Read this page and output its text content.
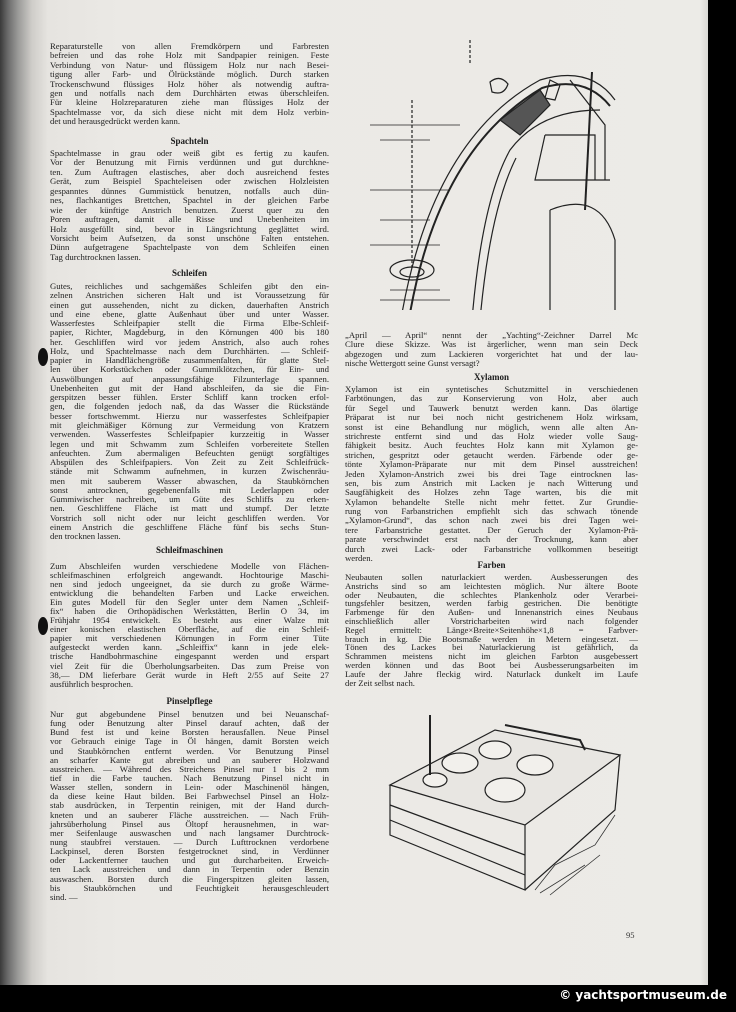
Reparaturstelle von allen Fremdkörpern und Farbresten
befreien und das rohe Holz mit Sandpapier reinigen. Feste
Verbindung von Natur- und flüssigem Holz nur nach Besei-
tigung aller Farb- und Ölrückstände möglich. Durch starken
Trockenschwund flüssiges Holz höher als notwendig auftra-
gen und notfalls nach dem Durchhärten etwas überschleifen.
Für kleine Holzreparaturen ziehe man flüssiges Holz der
Spachtelmasse vor, da sich diese nicht mit dem Holz verbin-
det und herausgedrückt werden kann.
Spachteln
Spachtelmasse in grau oder weiß gibt es fertig zu kaufen.
Vor der Benutzung mit Firnis verdünnen und gut durchkne-
ten. Zum Auftragen elastisches, aber doch ausreichend festes
Gerät, zum Beispiel Spachteleisen oder zwischen Holzleisten
gespanntes dünnes Gummistück benutzen, notfalls auch dün-
nes, flachkantiges Brettchen, Spachtel in der gleichen Farbe
wie der künftige Anstrich benutzen. Zuerst quer zu den
Poren auftragen, damit alle Risse und Unebenheiten im
Holz ausgefüllt sind, bevor in Längsrichtung geglättet wird.
Vorsicht beim Aufsetzen, da sonst unschöne Falten entstehen.
Dünn aufgetragene Spachtelpaste von dem Schleifen einen
Tag durchtrocknen lassen.
Schleifen
Gutes, reichliches und sachgemäßes Schleifen gibt den ein-
zelnen Anstrichen sicheren Halt und ist Voraussetzung für
einen gut aussehenden, nicht zu dicken, dauerhaften Anstrich
und eine ebene, glatte Außenhaut über und unter Wasser.
Wasserfestes Schleifpapier stellt die Firma Elbe-Schleif-
papier, Richter, Magdeburg, in den Körnungen 400 bis 180
her. Geschliffen wird vor jedem Anstrich, also auch rohes
Holz, und Spachtelmasse nach dem Durchhärten. — Schleif-
papier in Handflächengröße zusammenfalten, für glatte Stel-
len über Korkstückchen oder Gummiklötzchen, für Ein- und
Auswölbungen auf anpassungsfähige Filzunterlage spannen.
Unebenheiten gut mit der Hand abschleifen, da sie die Fin-
gerspitzen besser fühlen. Erster Schliff kann trocken erfol-
gen, die folgenden jedoch naß, da das Wasser die Rückstände
besser fortschwemmt. Hierzu nur wasserfestes Schleifpapier
mit gleichmäßiger Körnung zur Vermeidung von Kratzern
verwenden. Wasserfestes Schleifpapier kurzzeitig in Wasser
legen und mit Schwamm zum Schleifen vorbereitete Stellen
anfeuchten. Zum abermaligen Befeuchten genügt sorgfältiges
Abspülen des Schleifpapiers. Von Zeit zu Zeit Schleifrück-
stände mit Schwamm aufnehmen, in kurzen Zwischenräu-
men mit sauberem Wasser abwaschen, da Staubkörnchen
sonst antrocknen, gegebenenfalls mit Lederlappen oder
Gummiwischer nachreiben, um Güte des Schliffs zu erken-
nen. Geschliffene Fläche ist matt und stumpf. Der letzte
Vorstrich soll nicht oder nur leicht geschliffen werden. Vor
einem Anstrich die geschliffene Fläche fünf bis sechs Stun-
den trocknen lassen.
Schleifmaschinen
Zum Abschleifen wurden verschiedene Modelle von Flächen-
schleifmaschinen erfolgreich angewandt. Hochtourige Maschi-
nen sind jedoch ungeeignet, da sie durch zu große Wärme-
entwicklung die behandelten Farben und Lacke erweichen.
Ein gutes Modell für den Segler unter dem Namen „Schleif-
fix“ haben die Orthopädischen Werkstätten, Berlin O 34, im
Frühjahr 1954 entwickelt. Es besteht aus einer Walze mit
einer konischen elastischen Oberfläche, auf die ein Schleif-
papier mit verschiedenen Körnungen in Form einer Tüte
aufgesteckt werden kann. „Schleiffix“ kann in jede elek-
trische Handbohrmaschine eingespannt werden und erspart
viel Zeit für die Überholungsarbeiten. Das zum Preise von
38,— DM lieferbare Gerät wurde in Heft 2/55 auf Seite 27
ausführlich besprochen.
Pinselpflege
Nur gut abgebundene Pinsel benutzen und bei Neuanschaf-
fung oder Benutzung alter Pinsel darauf achten, daß der
Bund fest ist und keine Borsten herausfallen. Neue Pinsel
vor Gebrauch einige Tage in Öl hängen, damit Borsten weich
und Staubkörnchen entfernt werden. Vor Benutzung Pinsel
an scharfer Kante gut abreiben und an sauberer Holzwand
ausstreichen. — Während des Streichens Pinsel nur 1 bis 2 mm
tief in die Farbe tauchen. Nach Benutzung Pinsel nicht in
Wasser stellen, sondern in Lein- oder Maschinenöl hängen,
da diese keine Haut bilden. Bei Farbwechsel Pinsel an Holz-
stab ausdrücken, in Terpentin reinigen, mit der Hand durch-
kneten und an sauberer Fläche ausstreichen. — Nach Früh-
jahrsüberholung Pinsel aus Öltopf herausnehmen, in war-
mer Seifenlauge auswaschen und nach langsamer Durchtrock-
nung staubfrei verstauen. — Durch Lufttrocknen verdorbene
Lackpinsel, deren Borsten festgetrocknet sind, in Verdünner
oder Lackentferner tauchen und gut durcharbeiten. Erweich-
ten Lack ausstreichen und dann in Terpentin oder Benzin
auswaschen. Borsten durch die Fingerspitzen gleiten lassen,
bis Staubkörnchen und Feuchtigkeit herausgeschleudert
sind. —
„April — April“ nennt der „Yachting“-Zeichner Darrel Mc
Clure diese Skizze. Was ist ärgerlicher, wenn man sein Deck
abgezogen und zum Lackieren vorgerichtet hat und der lau-
nische Wettergott seine Gunst versagt?
Xylamon
Xylamon ist ein syntetisches Schutzmittel in verschiedenen
Farbtönungen, das zur Konservierung von Holz, aber auch
für Segel und Tauwerk benutzt werden kann. Das ölartige
Präparat ist nur bei noch nicht gestrichenem Holz wirksam,
sonst ist eine Behandlung nur möglich, wenn alle alten An-
strichreste entfernt sind und das Holz wieder volle Saug-
fähigkeit besitz. Auch feuchtes Holz kann mit Xylamon ge-
strichen, gespritzt oder getaucht werden. Färbende oder ge-
tönte Xylamon-Präparate nur mit dem Pinsel ausstreichen!
Jeden Xylamon-Anstrich zwei bis drei Tage eintrocknen las-
sen, bis zum Anstrich mit Lacken je nach Witterung und
Saugfähigkeit des Holzes zehn Tage warten, bis die mit
Xylamon behandelte Stelle nicht mehr fettet. Zur Grundie-
rung von Farbanstrichen empfiehlt sich das schwach tönende
„Xylamon-Grund“, das schon nach zwei bis drei Tagen wei-
tere Farbanstriche gestattet. Der Geruch der Xylamon-Prä-
parate verschwindet erst nach der Trocknung, kann aber
durch zwei Lack- oder Farbanstriche vollkommen beseitigt
werden.
Farben
Neubauten sollen naturlackiert werden. Ausbesserungen des
Anstrichs sind so am leichtesten möglich. Nur ältere Boote
oder Neubauten, die schlechtes Plankenholz oder Verarbei-
tungsfehler besitzen, werden farbig gestrichen. Die benötigte
Farbmenge für den Außen- und Innenanstrich eines Neubaus
einschließlich aller Vorstricharbeiten wird nach folgender
Regel ermittelt: Länge×Breite×Seitenhöhe×1,8 = Farbver-
brauch in kg. Die Bootsmaße werden in Metern eingesetzt. —
Tönen des Lackes bei Naturlackierung ist gefährlich, da
Schrammen meistens nicht im gleichen Farbton ausgebessert
werden können und das Boot bei Ausbesserungsarbeiten im
Laufe der Jahre fleckig wird. Naturlack dunkelt im Laufe
der Zeit selbst nach.
95
© yachtsportmuseum.de
